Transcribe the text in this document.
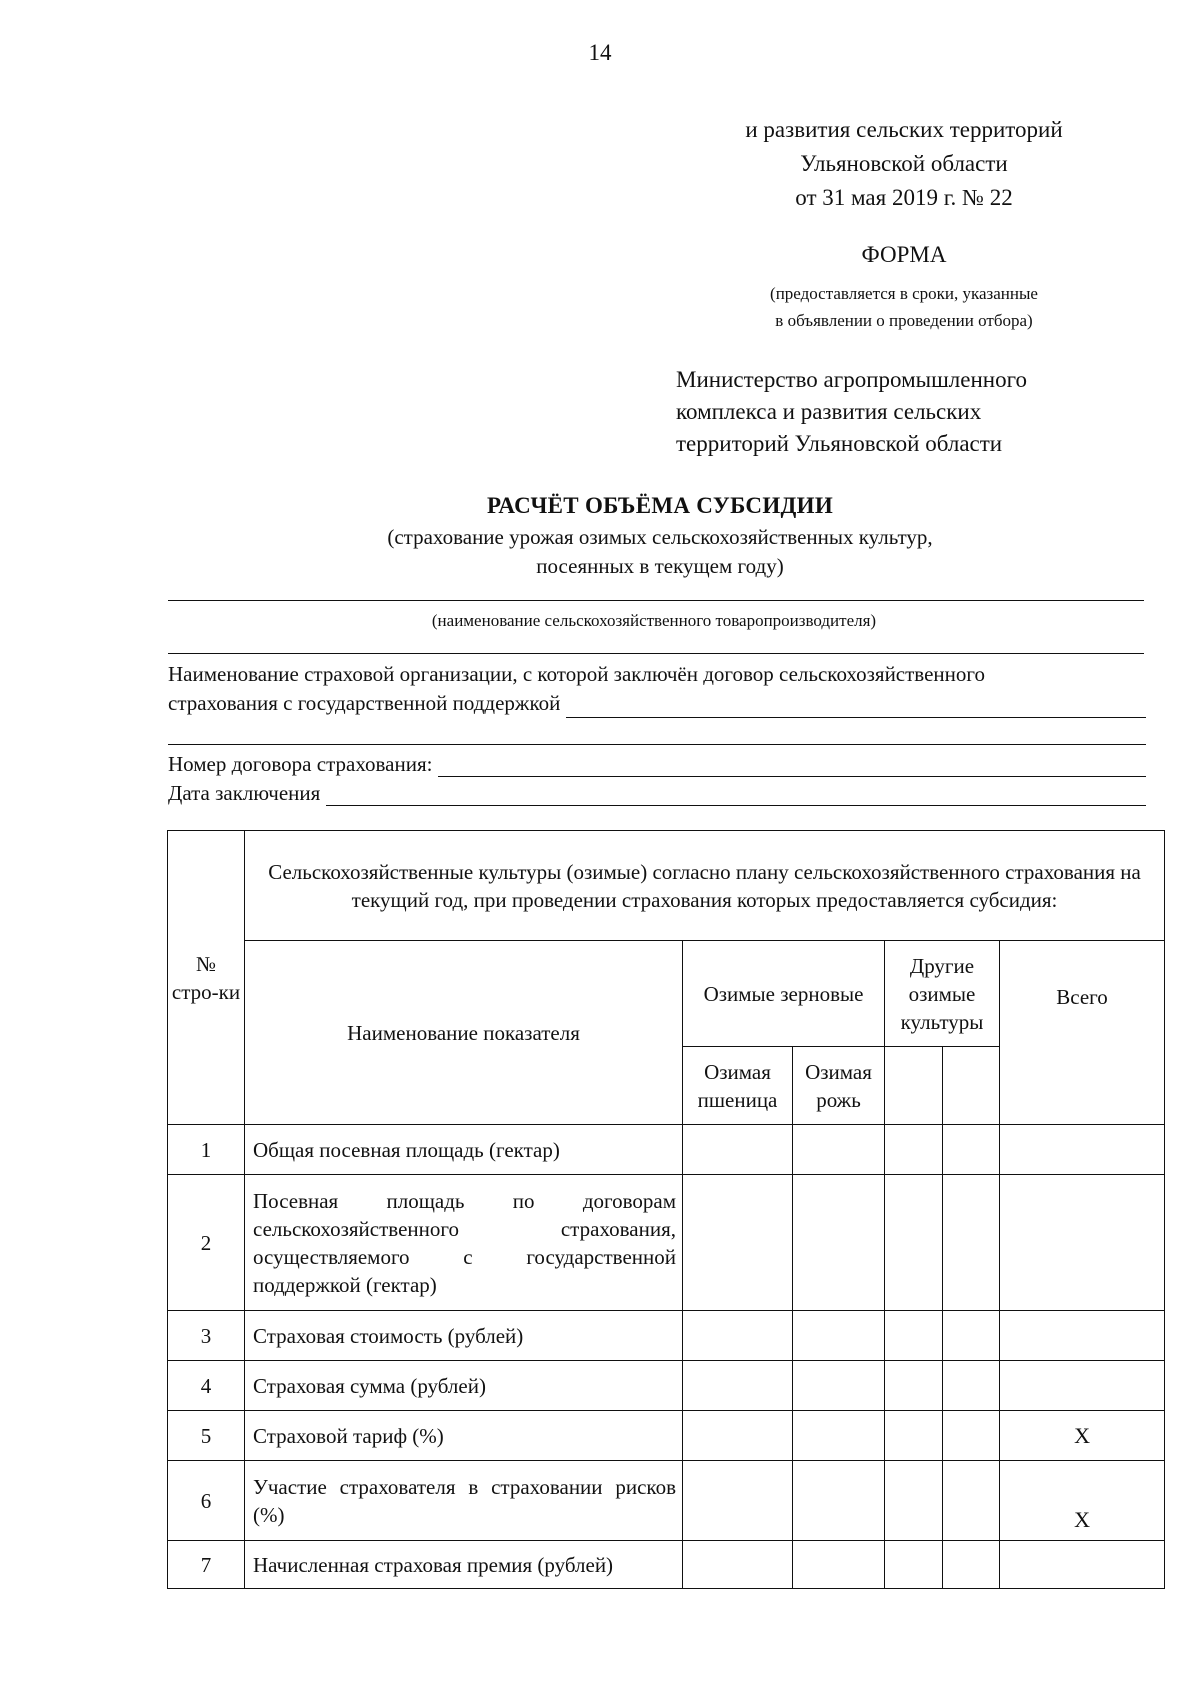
14
и развития сельских территорий
Ульяновской области
от 31 мая 2019 г. № 22
ФОРМА
(предоставляется в сроки, указанные
в объявлении о проведении отбора)
Министерство агропромышленного
комплекса и развития сельских
территорий Ульяновской области
РАСЧЁТ ОБЪЁМА СУБСИДИИ
(страхование урожая озимых сельскохозяйственных культур,
посеянных в текущем году)
(наименование сельскохозяйственного товаропроизводителя)
Наименование страховой организации, с которой заключён договор сельскохозяйственного
страхования с государственной поддержкой
Номер договора страхования:
Дата заключения
№ стро-ки	Сельскохозяйственные культуры (озимые) согласно плану сельскохозяйственного страхования на текущий год, при проведении страхования которых предоставляется субсидия:					
	Наименование показателя	Озимые зерновые		Другие озимые культуры		Всего
		Озимая пшеница	Озимая рожь			
1	Общая посевная площадь (гектар)					
2	Посевная площадь по договорам сельскохозяйственного страхования, осуществляемого с государственной поддержкой (гектар)					
3	Страховая стоимость (рублей)					
4	Страховая сумма (рублей)					
5	Страховой тариф (%)					X
6	Участие страхователя в страховании рисков (%)					X
7	Начисленная страховая премия (рублей)					
